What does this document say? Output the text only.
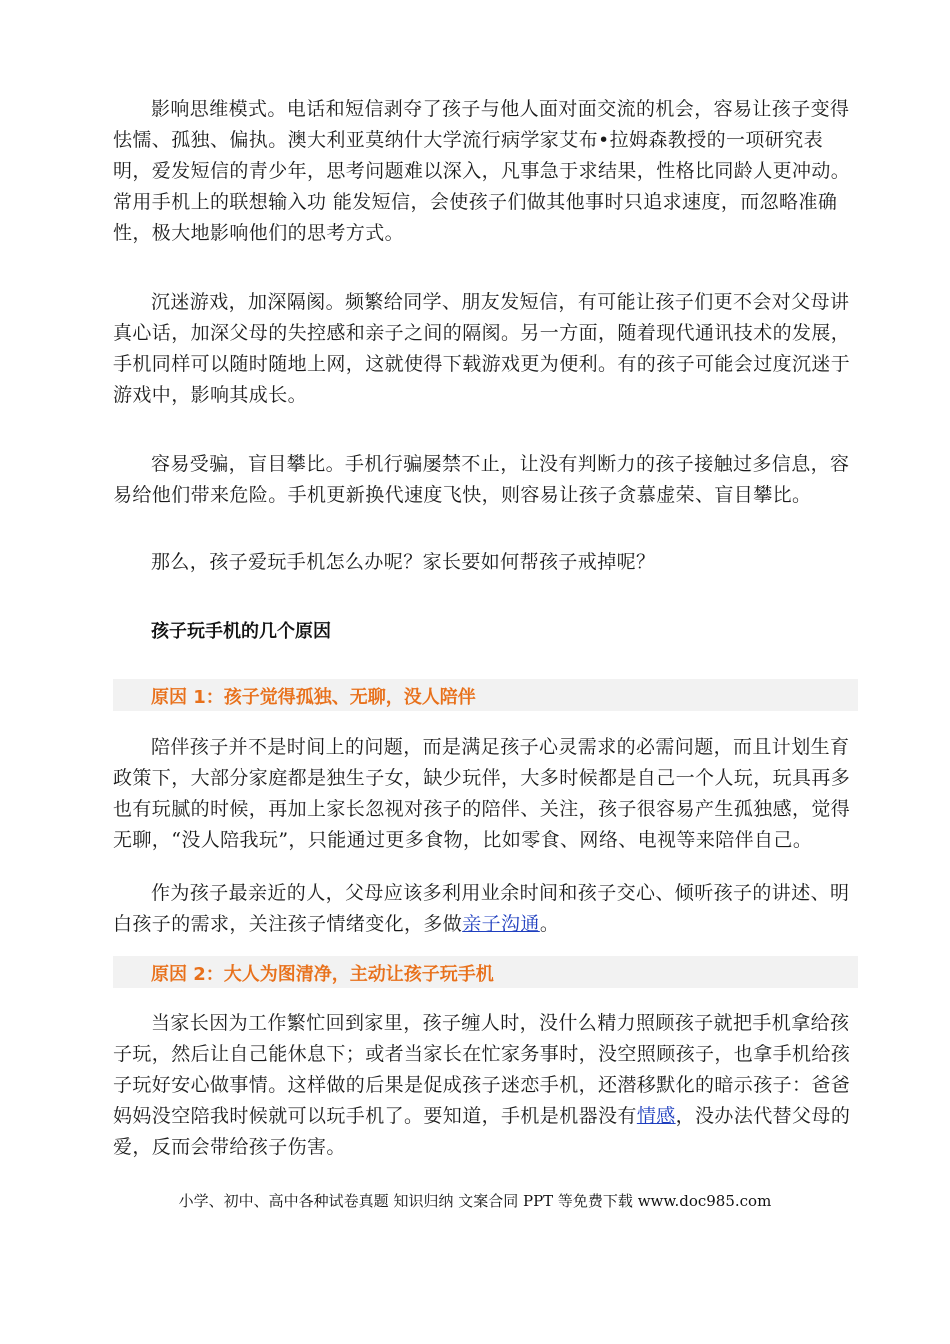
影响思维模式。电话和短信剥夺了孩子与他人面对面交流的机会，容易让孩子变得怯懦、孤独、偏执。澳大利亚莫纳什大学流行病学家艾布•拉姆森教授的一项研究表明，爱发短信的青少年，思考问题难以深入，凡事急于求结果，性格比同龄人更冲动。常用手机上的联想输入功 能发短信，会使孩子们做其他事时只追求速度，而忽略准确性，极大地影响他们的思考方式。

沉迷游戏，加深隔阂。频繁给同学、朋友发短信，有可能让孩子们更不会对父母讲真心话，加深父母的失控感和亲子之间的隔阂。另一方面，随着现代通讯技术的发展，手机同样可以随时随地上网，这就使得下载游戏更为便利。有的孩子可能会过度沉迷于游戏中，影响其成长。

容易受骗，盲目攀比。手机行骗屡禁不止，让没有判断力的孩子接触过多信息，容易给他们带来危险。手机更新换代速度飞快，则容易让孩子贪慕虚荣、盲目攀比。

那么，孩子爱玩手机怎么办呢？家长要如何帮孩子戒掉呢？

孩子玩手机的几个原因
原因 1：孩子觉得孤独、无聊，没人陪伴

陪伴孩子并不是时间上的问题，而是满足孩子心灵需求的必需问题，而且计划生育政策下，大部分家庭都是独生子女，缺少玩伴，大多时候都是自己一个人玩，玩具再多也有玩腻的时候，再加上家长忽视对孩子的陪伴、关注，孩子很容易产生孤独感，觉得无聊，“没人陪我玩”，只能通过更多食物，比如零食、网络、电视等来陪伴自己。

作为孩子最亲近的人，父母应该多利用业余时间和孩子交心、倾听孩子的讲述、明白孩子的需求，关注孩子情绪变化，多做亲子沟通。

原因 2：大人为图清净，主动让孩子玩手机

当家长因为工作繁忙回到家里，孩子缠人时，没什么精力照顾孩子就把手机拿给孩子玩，然后让自己能休息下；或者当家长在忙家务事时，没空照顾孩子，也拿手机给孩子玩好安心做事情。这样做的后果是促成孩子迷恋手机，还潜移默化的暗示孩子：爸爸妈妈没空陪我时候就可以玩手机了。要知道，手机是机器没有情感，没办法代替父母的爱，反而会带给孩子伤害。

小学、初中、高中各种试卷真题 知识归纳 文案合同 PPT 等免费下载 www.doc985.com
